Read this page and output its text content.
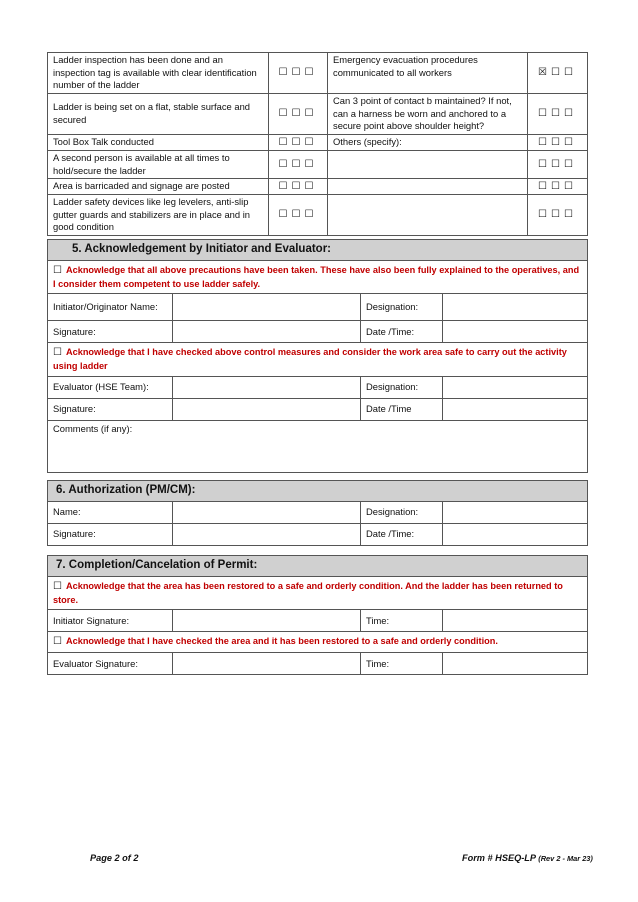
Ladder inspection has been done and an inspection tag is available with clear identification number of the ladder	☐☐☐	Emergency evacuation procedures communicated to all workers	☒☐☐
Ladder is being set on a flat, stable surface and secured	☐☐☐	Can 3 point of contact b maintained? If not, can a harness be worn and anchored to a secure point above shoulder height?	☐☐☐
Tool Box Talk conducted	☐☐☐	Others (specify):	☐☐☐
A second person is available at all times to hold/secure the ladder	☐☐☐		☐☐☐
Area is barricaded and signage are posted	☐☐☐		☐☐☐
Ladder safety devices like leg levelers, anti-slip gutter guards and stabilizers are in place and in good condition	☐☐☐		☐☐☐
5. Acknowledgement by Initiator and Evaluator:			
☐ Acknowledge that all above precautions have been taken. These have also been fully explained to the operatives, and I consider them competent to use ladder safely.			
Initiator/Originator Name:		Designation:	
Signature:		Date /Time:	
☐ Acknowledge that I have checked above control measures and consider the work area safe to carry out the activity using ladder			
Evaluator (HSE Team):		Designation:	
Signature:		Date /Time	
Comments (if any):			
6. Authorization (PM/CM):			
Name:		Designation:	
Signature:		Date /Time:	
7. Completion/Cancelation of Permit:			
☐ Acknowledge that the area has been restored to a safe and orderly condition. And the ladder has been returned to store.			
Initiator Signature:		Time:	
☐ Acknowledge that I have checked the area and it has been restored to a safe and orderly condition.			
Evaluator Signature:		Time:	
Page 2 of 2	Form # HSEQ-LP (Rev 2 - Mar 23)
